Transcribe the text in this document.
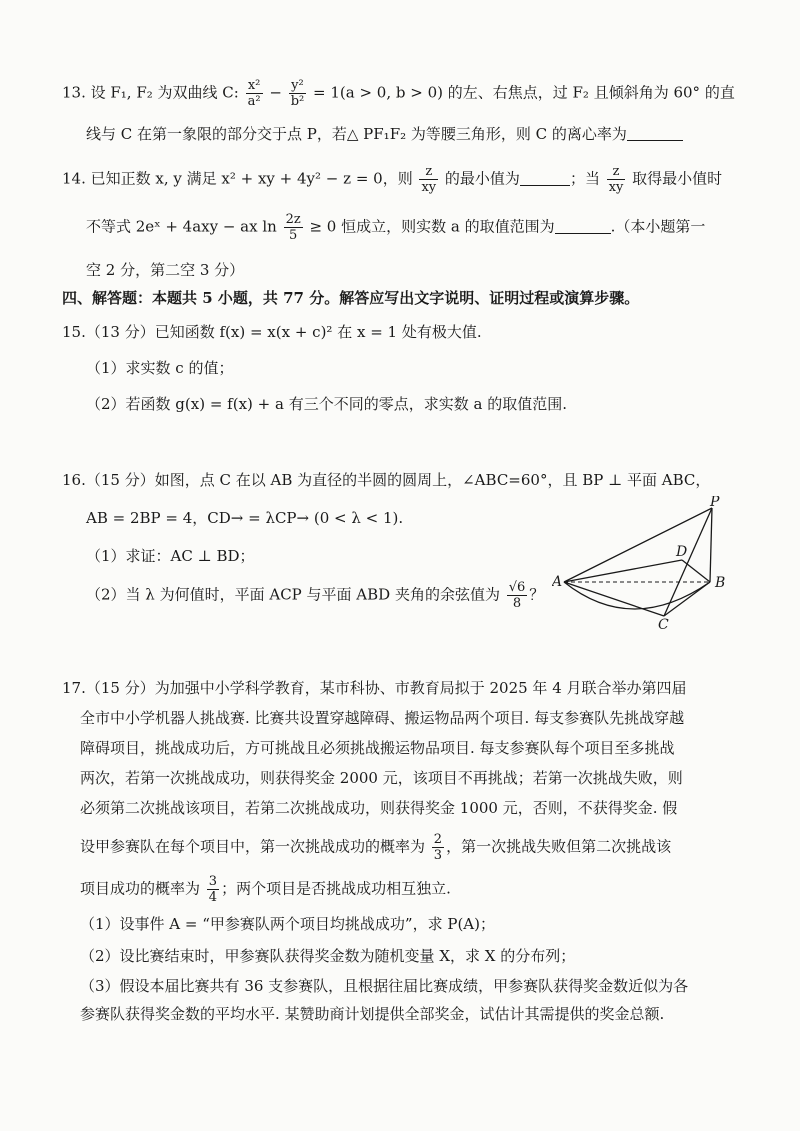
13. 设 F₁, F₂ 为双曲线 C: $\frac{\text{x²}}{\text{a²}} - \frac{\text{y²}}{\text{b²}} = 1(a > 0$, b > 0) 的左、右焦点，过 F₂ 且倾斜角为 60° 的直
线与 C 在第一象限的部分交于点 P，若△ PF₁F₂ 为等腰三角形，则 C 的离心率为
14. 已知正数 x, y 满足 x² + xy + 4y² − z = 0，则 $\frac{z}{xy}$ 的最小值为	；当 $\frac{z}{xy}$ 取得最小值时
不等式 2eˣ + 4axy − ax $\ln \frac{2z}{5} \ge 0$ 恒成立，则实数 a 的取值范围为	.（本小题第一
空 2 分，第二空 3 分）
四、解答题：本题共 5 小题，共 77 分。解答应写出文字说明、证明过程或演算步骤。
15.（13 分）已知函数 f(x) = x(x + c)² 在 x = 1 处有极大值.
（1）求实数 c 的值；
（2）若函数 g(x) = f(x) + a 有三个不同的零点，求实数 a 的取值范围.
16.（15 分）如图，点 C 在以 AB 为直径的半圆的圆周上，∠ABC=60°，且 BP ⊥ 平面 ABC，
AB = 2BP = 4，CD→ = λCP→ (0 < λ < 1).
（1）求证：AC ⊥ BD；
（2）当 λ 为何值时，平面 ACP 与平面 ABD 夹角的余弦值为 $\frac{√6}{8}$ ？
P
A	B
C
D
17.（15 分）为加强中小学科学教育，某市科协、市教育局拟于 2025 年 4 月联合举办第四届
全市中小学机器人挑战赛. 比赛共设置穿越障碍、搬运物品两个项目. 每支参赛队先挑战穿越
障碍项目，挑战成功后，方可挑战且必须挑战搬运物品项目. 每支参赛队每个项目至多挑战
两次，若第一次挑战成功，则获得奖金 2000 元，该项目不再挑战；若第一次挑战失败，则
必须第二次挑战该项目，若第二次挑战成功，则获得奖金 1000 元，否则，不获得奖金. 假
设甲参赛队在每个项目中，第一次挑战成功的概率为 $\frac{2}{3}$ ，第一次挑战失败但第二次挑战该
项目成功的概率为 $\frac{3}{4}$ ；两个项目是否挑战成功相互独立.
（1）设事件 A = “甲参赛队两个项目均挑战成功”，求 P(A)；
（2）设比赛结束时，甲参赛队获得奖金数为随机变量 X，求 X 的分布列；
（3）假设本届比赛共有 36 支参赛队，且根据往届比赛成绩，甲参赛队获得奖金数近似为各
参赛队获得奖金数的平均水平. 某赞助商计划提供全部奖金，试估计其需提供的奖金总额.
